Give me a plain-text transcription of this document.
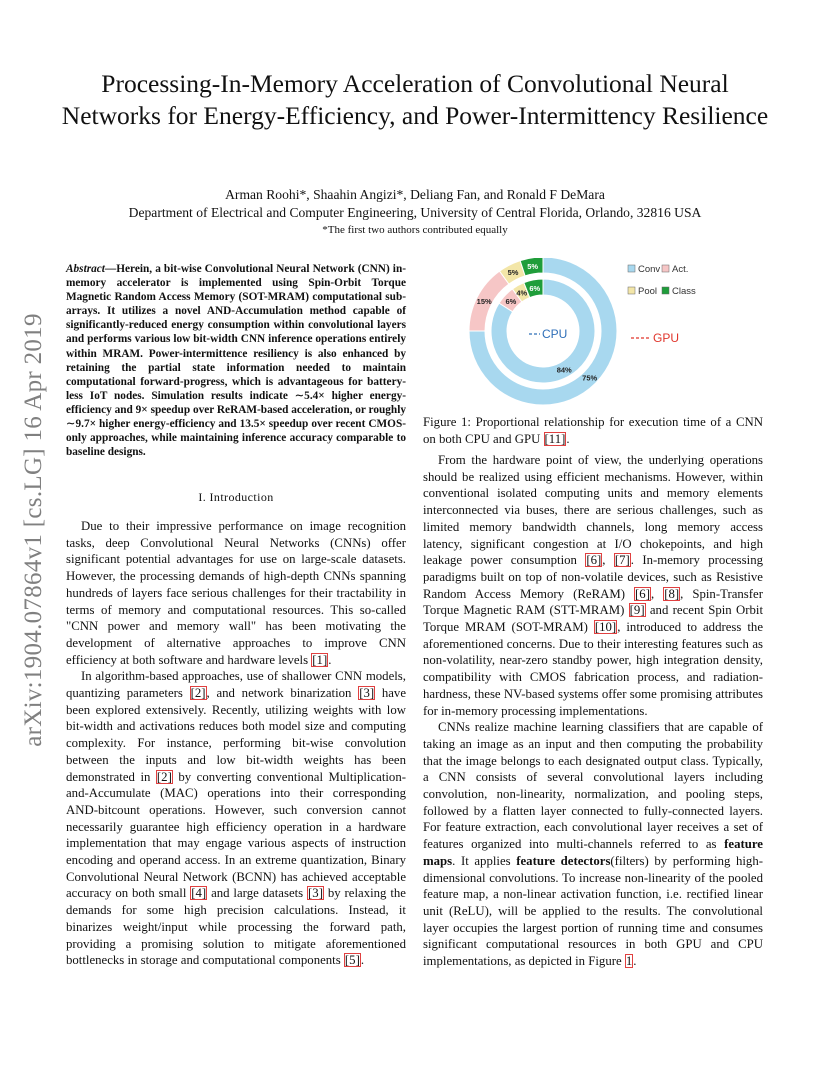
arXiv:1904.07864v1 [cs.LG] 16 Apr 2019
Processing-In-Memory Acceleration of Convolutional Neural Networks for Energy-Efficiency, and Power-Intermittency Resilience
Arman Roohi*, Shaahin Angizi*, Deliang Fan, and Ronald F DeMara
Department of Electrical and Computer Engineering, University of Central Florida, Orlando, 32816 USA
*The first two authors contributed equally
Abstract—Herein, a bit-wise Convolutional Neural Network (CNN) in-memory accelerator is implemented using Spin-Orbit Torque Magnetic Random Access Memory (SOT-MRAM) computational sub-arrays. It utilizes a novel AND-Accumulation method capable of significantly-reduced energy consumption within convolutional layers and performs various low bit-width CNN inference operations entirely within MRAM. Power-intermittence resiliency is also enhanced by retaining the partial state information needed to maintain computational forward-progress, which is advantageous for battery-less IoT nodes. Simulation results indicate ∼5.4× higher energy-efficiency and 9× speedup over ReRAM-based acceleration, or roughly ∼9.7× higher energy-efficiency and 13.5× speedup over recent CMOS-only approaches, while maintaining inference accuracy comparable to baseline designs.
I. Introduction

Due to their impressive performance on image recognition tasks, deep Convolutional Neural Networks (CNNs) offer significant potential advantages for use on large-scale datasets. However, the processing demands of high-depth CNNs spanning hundreds of layers face serious challenges for their tractability in terms of memory and computational resources. This so-called "CNN power and memory wall" has been motivating the development of alternative approaches to improve CNN efficiency at both software and hardware levels [1].

In algorithm-based approaches, use of shallower CNN models, quantizing parameters [2], and network binarization [3] have been explored extensively. Recently, utilizing weights with low bit-width and activations reduces both model size and computing complexity. For instance, performing bit-wise convolution between the inputs and low bit-width weights has been demonstrated in [2] by converting conventional Multiplication-and-Accumulate (MAC) operations into their corresponding AND-bitcount operations. However, such conversion cannot necessarily guarantee high efficiency operation in a hardware implementation that may engage various aspects of instruction encoding and operand access. In an extreme quantization, Binary Convolutional Neural Network (BCNN) has achieved acceptable accuracy on both small [4] and large datasets [3] by relaxing the demands for some high precision calculations. Instead, it binarizes weight/input while processing the forward path, providing a promising solution to mitigate aforementioned bottlenecks in storage and computational components [5].

84%
6%
4%
6%
75%
15%
5%
5%	Conv Act.
Pool Class
CPU	GPU
Figure 1: Proportional relationship for execution time of a CNN on both CPU and GPU [11].

From the hardware point of view, the underlying operations should be realized using efficient mechanisms. However, within conventional isolated computing units and memory elements interconnected via buses, there are serious challenges, such as limited memory bandwidth channels, long memory access latency, significant congestion at I/O chokepoints, and high leakage power consumption [6], [7]. In-memory processing paradigms built on top of non-volatile devices, such as Resistive Random Access Memory (ReRAM) [6], [8], Spin-Transfer Torque Magnetic RAM (STT-MRAM) [9] and recent Spin Orbit Torque MRAM (SOT-MRAM) [10], introduced to address the aforementioned concerns. Due to their interesting features such as non-volatility, near-zero standby power, high integration density, compatibility with CMOS fabrication process, and radiation-hardness, these NV-based systems offer some promising attributes for in-memory processing implementations.

CNNs realize machine learning classifiers that are capable of taking an image as an input and then computing the probability that the image belongs to each designated output class. Typically, a CNN consists of several convolutional layers including convolution, non-linearity, normalization, and pooling steps, followed by a flatten layer connected to fully-connected layers. For feature extraction, each convolutional layer receives a set of features organized into multi-channels referred to as feature maps. It applies feature detectors(filters) by performing high-dimensional convolutions. To increase non-linearity of the pooled feature map, a non-linear activation function, i.e. rectified linear unit (ReLU), will be applied to the results. The convolutional layer occupies the largest portion of running time and consumes significant computational resources in both GPU and CPU implementations, as depicted in Figure 1.
